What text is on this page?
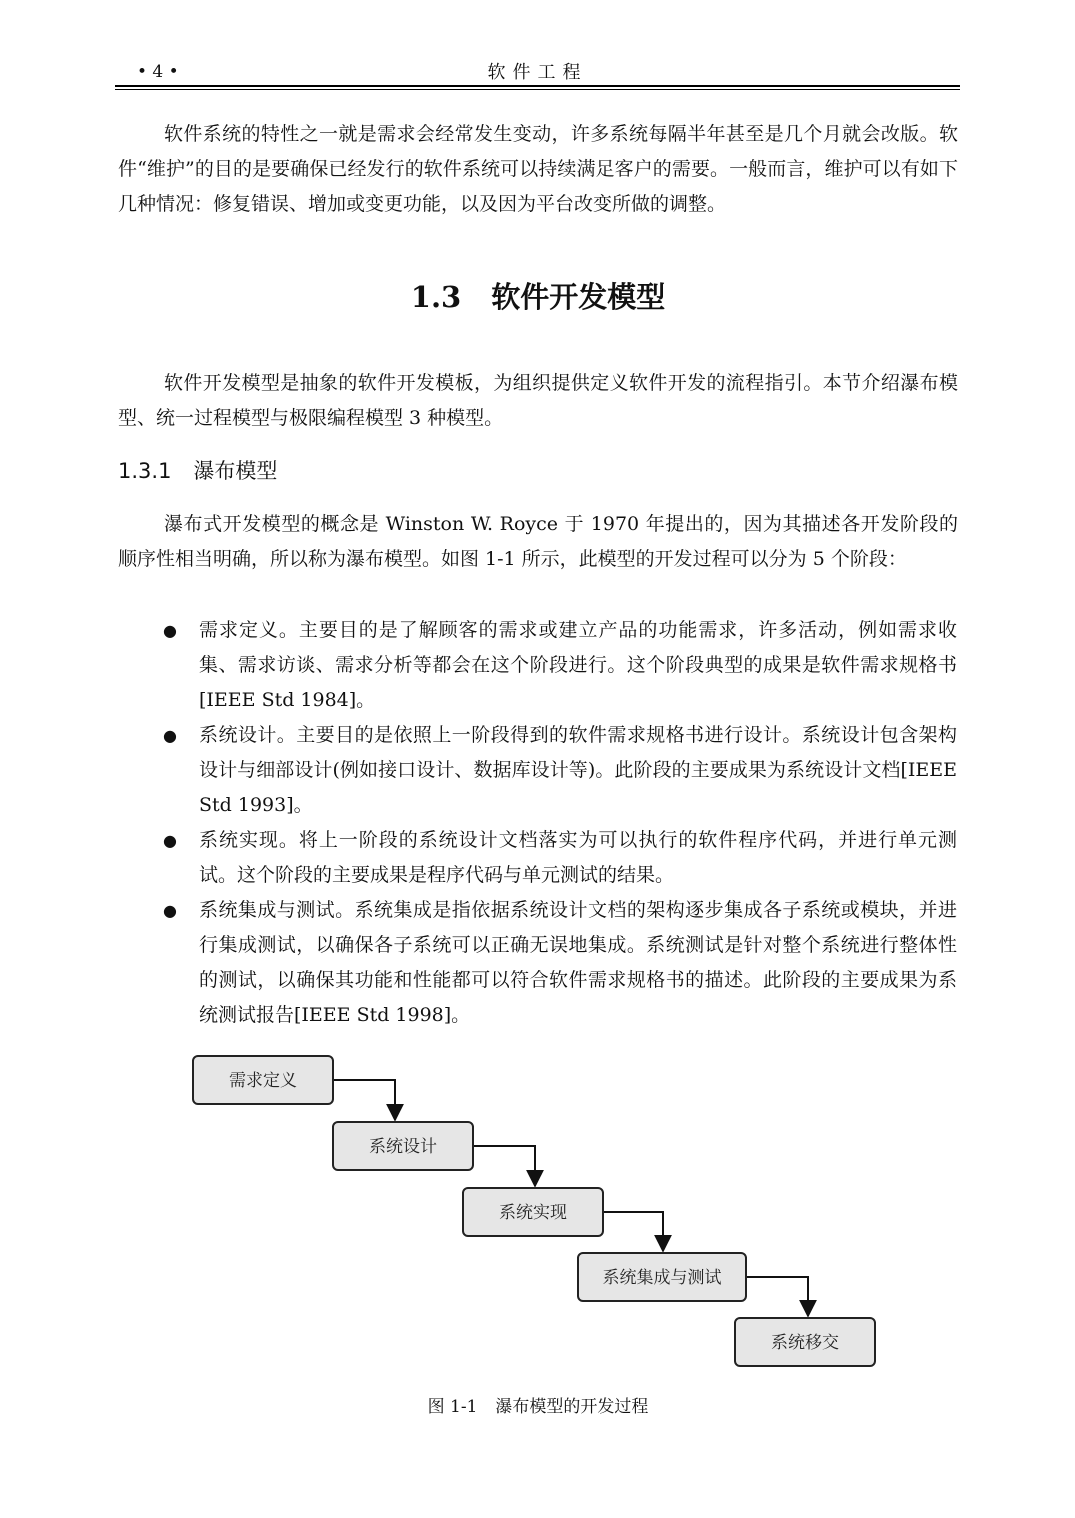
• 4 •	软件工程

软件系统的特性之一就是需求会经常发生变动，许多系统每隔半年甚至是几个月就会改版。软件“维护”的目的是要确保已经发行的软件系统可以持续满足客户的需要。一般而言，维护可以有如下几种情况：修复错误、增加或变更功能，以及因为平台改变所做的调整。

1.3 软件开发模型

软件开发模型是抽象的软件开发模板，为组织提供定义软件开发的流程指引。本节介绍瀑布模型、统一过程模型与极限编程模型 3 种模型。

1.3.1 瀑布模型

瀑布式开发模型的概念是 Winston W. Royce 于 1970 年提出的，因为其描述各开发阶段的顺序性相当明确，所以称为瀑布模型。如图 1-1 所示，此模型的开发过程可以分为 5 个阶段：

● 需求定义。主要目的是了解顾客的需求或建立产品的功能需求，许多活动，例如需求收集、需求访谈、需求分析等都会在这个阶段进行。这个阶段典型的成果是软件需求规格书[IEEE Std 1984]。
● 系统设计。主要目的是依照上一阶段得到的软件需求规格书进行设计。系统设计包含架构设计与细部设计(例如接口设计、数据库设计等)。此阶段的主要成果为系统设计文档[IEEE Std 1993]。
● 系统实现。将上一阶段的系统设计文档落实为可以执行的软件程序代码，并进行单元测试。这个阶段的主要成果是程序代码与单元测试的结果。
● 系统集成与测试。系统集成是指依据系统设计文档的架构逐步集成各子系统或模块，并进行集成测试，以确保各子系统可以正确无误地集成。系统测试是针对整个系统进行整体性的测试，以确保其功能和性能都可以符合软件需求规格书的描述。此阶段的主要成果为系统测试报告[IEEE Std 1998]。
需求定义
系统设计
系统实现
系统集成与测试
系统移交
图 1-1 瀑布模型的开发过程
